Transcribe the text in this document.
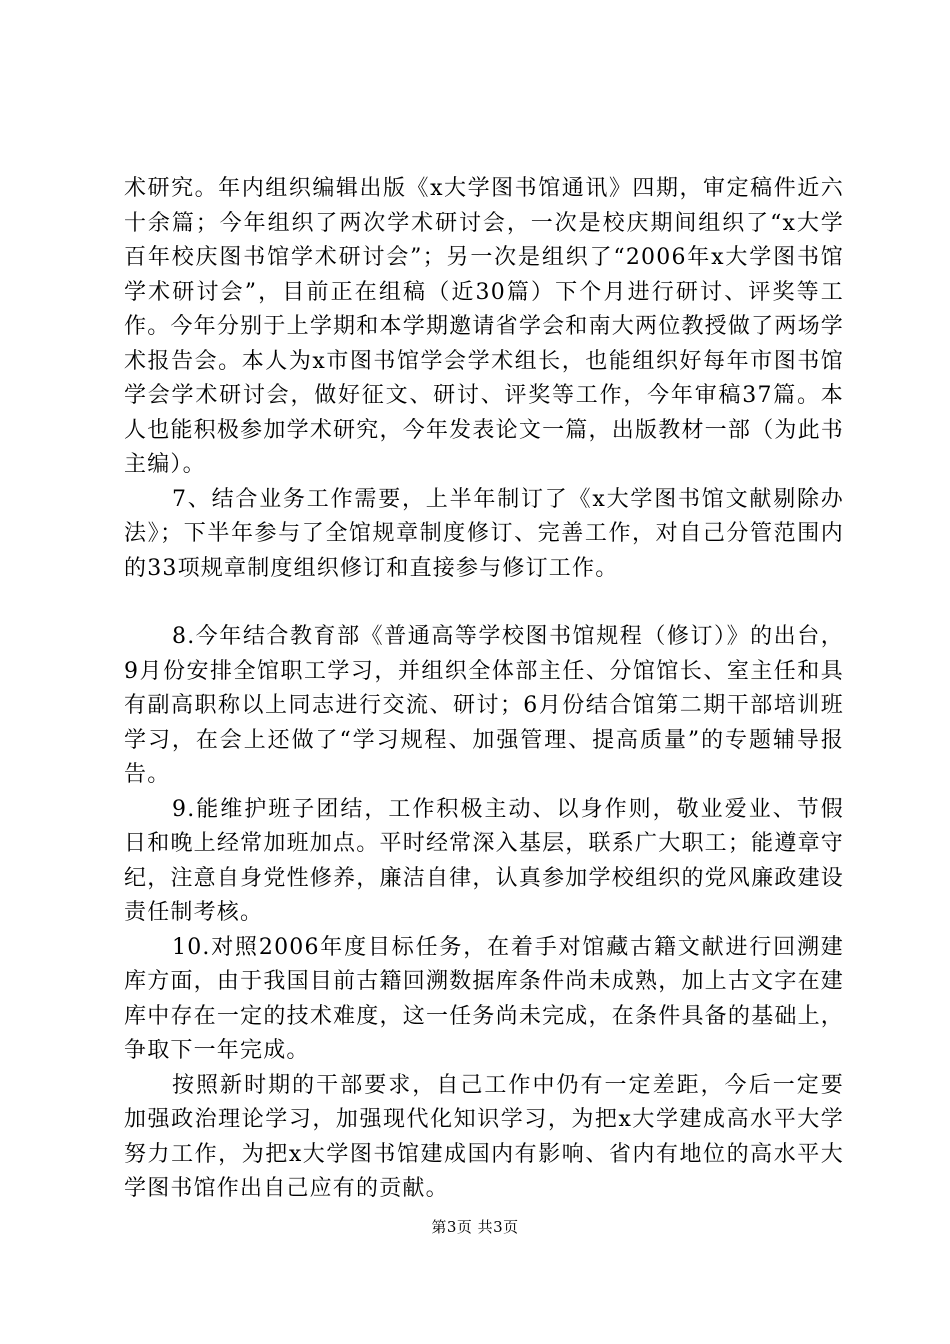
术研究。年内组织编辑出版《x大学图书馆通讯》四期，审定稿件近六十余篇；今年组织了两次学术研讨会，一次是校庆期间组织了“x大学百年校庆图书馆学术研讨会”；另一次是组织了“2006年x大学图书馆学术研讨会”，目前正在组稿（近30篇）下个月进行研讨、评奖等工作。今年分别于上学期和本学期邀请省学会和南大两位教授做了两场学术报告会。本人为x市图书馆学会学术组长，也能组织好每年市图书馆学会学术研讨会，做好征文、研讨、评奖等工作，今年审稿37篇。本人也能积极参加学术研究，今年发表论文一篇，出版教材一部（为此书主编）。

7、结合业务工作需要，上半年制订了《x大学图书馆文献剔除办法》；下半年参与了全馆规章制度修订、完善工作，对自己分管范围内的33项规章制度组织修订和直接参与修订工作。

8.今年结合教育部《普通高等学校图书馆规程（修订）》的出台，9月份安排全馆职工学习，并组织全体部主任、分馆馆长、室主任和具有副高职称以上同志进行交流、研讨；6月份结合馆第二期干部培训班学习，在会上还做了“学习规程、加强管理、提高质量”的专题辅导报告。

9.能维护班子团结，工作积极主动、以身作则，敬业爱业、节假日和晚上经常加班加点。平时经常深入基层，联系广大职工；能遵章守纪，注意自身党性修养，廉洁自律，认真参加学校组织的党风廉政建设责任制考核。

10.对照2006年度目标任务，在着手对馆藏古籍文献进行回溯建库方面，由于我国目前古籍回溯数据库条件尚未成熟，加上古文字在建库中存在一定的技术难度，这一任务尚未完成，在条件具备的基础上，争取下一年完成。

按照新时期的干部要求，自己工作中仍有一定差距，今后一定要加强政治理论学习，加强现代化知识学习，为把x大学建成高水平大学努力工作，为把x大学图书馆建成国内有影响、省内有地位的高水平大学图书馆作出自己应有的贡献。

第3页 共3页
